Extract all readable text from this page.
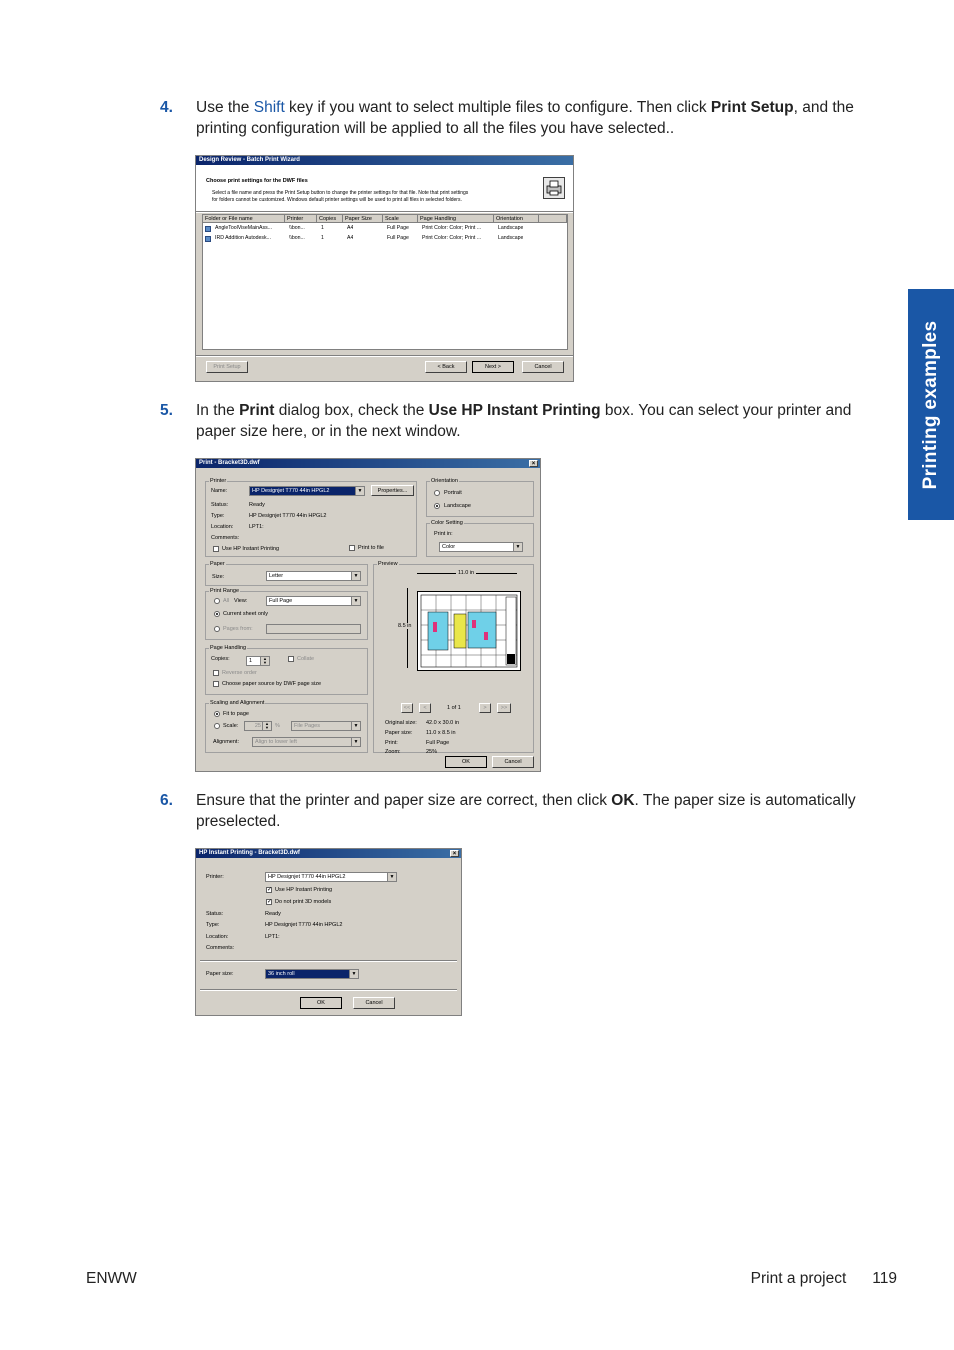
4. Use the Shift key if you want to select multiple files to configure. Then click Print Setup, and the printing configuration will be applied to all the files you have selected..
Design Review - Batch Print Wizard
Choose print settings for the DWF files
Select a file name and press the Print Setup button to change the printer settings for that file. Note that print settings
for folders cannot be customized. Windows default printer settings will be used to print all files in selected folders.
Folder or File name	Printer	Copies	Paper Size	Scale	Page Handling	Orientation
AngleToolViseMainAss...	\\bon...	1	A4	Full Page	Print Color: Color; Print ...	Landscape
IRD Addition Autodesk...	\\bon...	1	A4	Full Page	Print Color: Color; Print ...	Landscape
Print Setup	< Back	Next >	Cancel
5. In the Print dialog box, check the Use HP Instant Printing box. You can select your printer and paper size here, or in the next window.
Print - Bracket3D.dwf	×
Printer
Name:	HP Designjet T770 44in HPGL2	▼	Properties...
Status:	Ready
Type:	HP Designjet T770 44in HPGL2
Location:	LPT1:
Comments:
Use HP Instant Printing	Print to file
Orientation
Portrait
Landscape
Color Setting
Print in:
Color	▼
Paper
Size:	Letter	▼
Print Range
All View:	Full Page	▼
Current sheet only
Pages from:
Page Handling
Copies:	1	▲
▼
Collate
Reverse order
Choose paper source by DWF page size
Scaling and Alignment
Fit to page
Scale:	25	▲
▼	%	File Pages	▼
Alignment:	Align to lower left	▼
Preview
11.0 in
8.5 in
<<	<	1 of 1	>	>>
Original size: 42.0 x 30.0 in
Paper size: 11.0 x 8.5 in
Print:	Full Page
Zoom:	25%
OK	Cancel
6. Ensure that the printer and paper size are correct, then click OK. The paper size is automatically preselected.
HP Instant Printing - Bracket3D.dwf	×
Printer:	HP Designjet T770 44in HPGL2	▼
✓ Use HP Instant Printing
✓ Do not print 3D models
Status:	Ready
Type:	HP Designjet T770 44in HPGL2
Location:	LPT1:
Comments:
Paper size:	36 inch roll	▼
OK	Cancel
Printing examples
ENWW	Print a project 119
